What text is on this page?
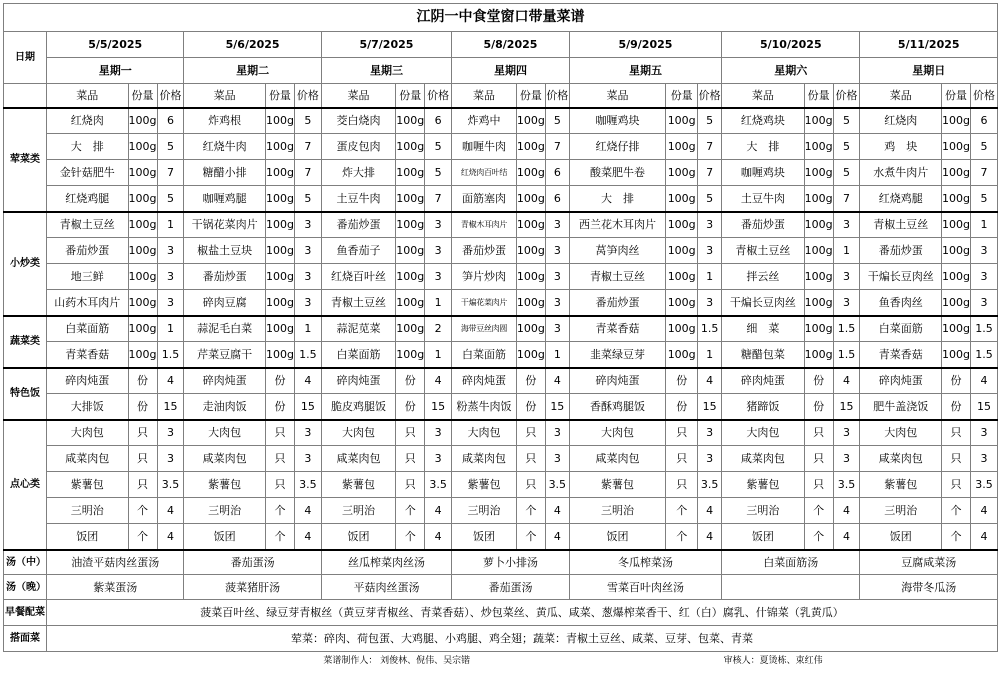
江阴一中食堂窗口带量菜谱																					
日期	5/5/2025			5/6/2025			5/7/2025			5/8/2025			5/9/2025			5/10/2025			5/11/2025		
	星期一			星期二			星期三			星期四			星期五			星期六			星期日		
	菜品	份量	价格	菜品	份量	价格	菜品	份量	价格	菜品	份量	价格	菜品	份量	价格	菜品	份量	价格	菜品	份量	价格
荤菜类	红烧肉	100g	6	炸鸡根	100g	5	茭白烧肉	100g	6	炸鸡中	100g	5	咖喱鸡块	100g	5	红烧鸡块	100g	5	红烧肉	100g	6
	大　排	100g	5	红烧牛肉	100g	7	蛋皮包肉	100g	5	咖喱牛肉	100g	7	红烧仔排	100g	7	大　排	100g	5	鸡　块	100g	5
	金针菇肥牛	100g	7	糖醋小排	100g	7	炸大排	100g	5	红烧肉百叶结	100g	6	酸菜肥牛卷	100g	7	咖喱鸡块	100g	5	水煮牛肉片	100g	7
	红烧鸡腿	100g	5	咖喱鸡腿	100g	5	土豆牛肉	100g	7	面筋塞肉	100g	6	大　排	100g	5	土豆牛肉	100g	7	红烧鸡腿	100g	5
小炒类	青椒土豆丝	100g	1	干锅花菜肉片	100g	3	番茄炒蛋	100g	3	青椒木耳肉片	100g	3	西兰花木耳肉片	100g	3	番茄炒蛋	100g	3	青椒土豆丝	100g	1
	番茄炒蛋	100g	3	椒盐土豆块	100g	3	鱼香茄子	100g	3	番茄炒蛋	100g	3	莴笋肉丝	100g	3	青椒土豆丝	100g	1	番茄炒蛋	100g	3
	地三鲜	100g	3	番茄炒蛋	100g	3	红烧百叶丝	100g	3	笋片炒肉	100g	3	青椒土豆丝	100g	1	拌云丝	100g	3	干煸长豆肉丝	100g	3
	山药木耳肉片	100g	3	碎肉豆腐	100g	3	青椒土豆丝	100g	1	干煸花菜肉片	100g	3	番茄炒蛋	100g	3	干煸长豆肉丝	100g	3	鱼香肉丝	100g	3
蔬菜类	白菜面筋	100g	1	蒜泥毛白菜	100g	1	蒜泥苋菜	100g	2	海带豆丝肉圆	100g	3	青菜香菇	100g	1.5	细　菜	100g	1.5	白菜面筋	100g	1.5
	青菜香菇	100g	1.5	芹菜豆腐干	100g	1.5	白菜面筋	100g	1	白菜面筋	100g	1	韭菜绿豆芽	100g	1	糖醋包菜	100g	1.5	青菜香菇	100g	1.5
特色饭	碎肉炖蛋	份	4	碎肉炖蛋	份	4	碎肉炖蛋	份	4	碎肉炖蛋	份	4	碎肉炖蛋	份	4	碎肉炖蛋	份	4	碎肉炖蛋	份	4
	大排饭	份	15	走油肉饭	份	15	脆皮鸡腿饭	份	15	粉蒸牛肉饭	份	15	香酥鸡腿饭	份	15	猪蹄饭	份	15	肥牛盖浇饭	份	15
点心类	大肉包	只	3	大肉包	只	3	大肉包	只	3	大肉包	只	3	大肉包	只	3	大肉包	只	3	大肉包	只	3
	咸菜肉包	只	3	咸菜肉包	只	3	咸菜肉包	只	3	咸菜肉包	只	3	咸菜肉包	只	3	咸菜肉包	只	3	咸菜肉包	只	3
	紫薯包	只	3.5	紫薯包	只	3.5	紫薯包	只	3.5	紫薯包	只	3.5	紫薯包	只	3.5	紫薯包	只	3.5	紫薯包	只	3.5
	三明治	个	4	三明治	个	4	三明治	个	4	三明治	个	4	三明治	个	4	三明治	个	4	三明治	个	4
	饭团	个	4	饭团	个	4	饭团	个	4	饭团	个	4	饭团	个	4	饭团	个	4	饭团	个	4
汤（中）	油渣平菇肉丝蛋汤			番茄蛋汤			丝瓜榨菜肉丝汤			萝卜小排汤			冬瓜榨菜汤			白菜面筋汤			豆腐咸菜汤		
汤（晚）	紫菜蛋汤			菠菜猪肝汤			平菇肉丝蛋汤			番茄蛋汤			雪菜百叶肉丝汤						海带冬瓜汤		
早餐配菜	菠菜百叶丝、绿豆芽青椒丝（黄豆芽青椒丝、青菜香菇）、炒包菜丝、黄瓜、咸菜、葱爆榨菜香干、红（白）腐乳、什锦菜（乳黄瓜）																				
搭面菜	荤菜：碎肉、荷包蛋、大鸡腿、小鸡腿、鸡全翅；蔬菜：青椒土豆丝、咸菜、豆芽、包菜、青菜																				
							菜谱制作人： 刘俊林、倪伟、吴宗锴									审核人：夏烫栋、束红伟					
